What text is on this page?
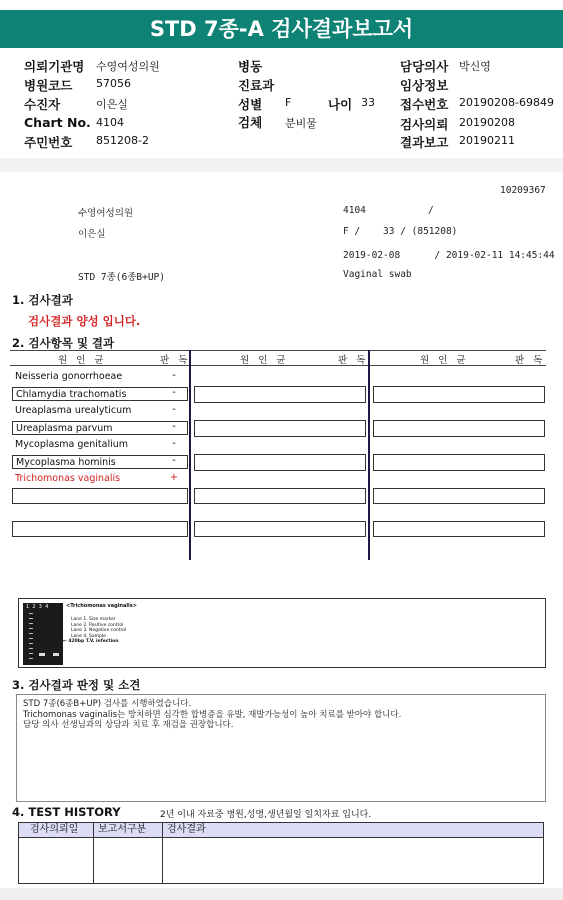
STD 7종-A 검사결과보고서
의뢰기관명 수영여성의원
병원코드 57056
수진자	이은실
Chart No. 4104
주민번호 851208-2
병동
진료과
성별 F	나이 33
검체 분비물
담당의사 박신영
임상정보
접수번호 20190208-69849
검사의뢰 20190208
결과보고 20190211
10209367
수영여성의원	4104	/
이은실	F /    33 / (851208)
2019-02-08      / 2019-02-11 14:45:44
STD 7종(6종B+UP)	Vaginal swab
1. 검사결과
검사결과 양성 입니다.
2. 검사항목 및 결과
원 인 균	판 독	원 인 균	판 독	원 인 균	판 독
Neisseria gonorrhoeae	-
Chlamydia trachomatis	-
Ureaplasma urealyticum	-
Ureaplasma parvum	-
Mycoplasma genitalium	-
Mycoplasma hominis	-
Trichomonas vaginalis	+
1  2  3  4	<Trichomonas vaginalis>
Lane 1. Size marker
Lane 2. Positive control
Lane 3. Negative control
Lane 4. Sample
← 420bp T.V. infection
3. 검사결과 판정 및 소견
STD 7종(6종B+UP) 검사를 시행하였습니다.
Trichomonas vaginalis는 방치하면 심각한 합병증을 유발, 재발가능성이 높아 치료를 받아야 합니다.
담당 의사 선생님과의 상담과 치료 후 재검을 권장합니다.
4. TEST HISTORY	2년 이내 자료중 병원,성명,생년월일 일치자료 입니다.
검사의뢰일	보고서구분	검사결과
